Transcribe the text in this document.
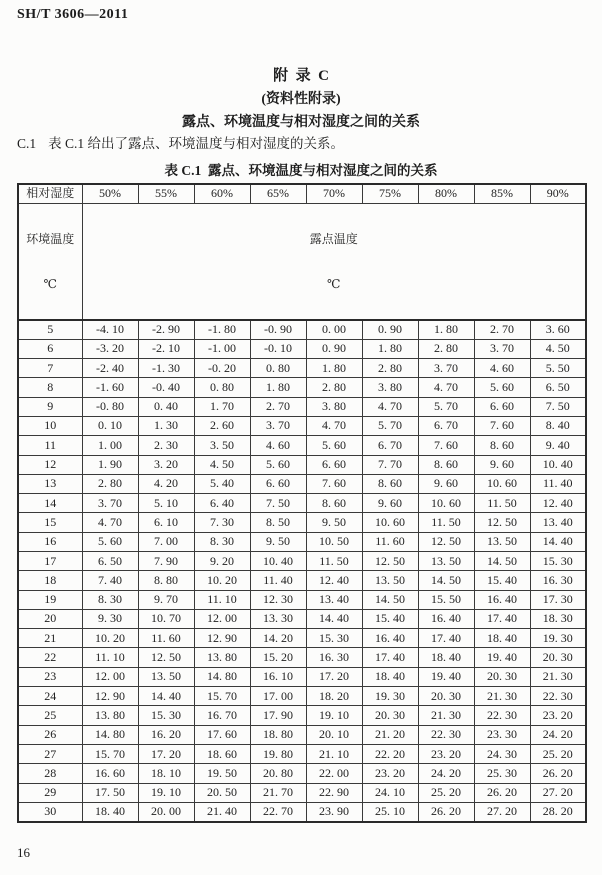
SH/T 3606—2011
附  录  C
(资料性附录)
露点、环境温度与相对湿度之间的关系

C.1 表 C.1 给出了露点、环境温度与相对湿度的关系。

表 C.1  露点、环境温度与相对湿度之间的关系
相对湿度	50%	55%	60%	65%	70%	75%	80%	85%	90%

环境温度

℃

露点温度

℃

5	-4. 10	-2. 90	-1. 80	-0. 90	0. 00	0. 90	1. 80	2. 70	3. 60
6	-3. 20	-2. 10	-1. 00	-0. 10	0. 90	1. 80	2. 80	3. 70	4. 50
7	-2. 40	-1. 30	-0. 20	0. 80	1. 80	2. 80	3. 70	4. 60	5. 50
8	-1. 60	-0. 40	0. 80	1. 80	2. 80	3. 80	4. 70	5. 60	6. 50
9	-0. 80	0. 40	1. 70	2. 70	3. 80	4. 70	5. 70	6. 60	7. 50
10	0. 10	1. 30	2. 60	3. 70	4. 70	5. 70	6. 70	7. 60	8. 40
11	1. 00	2. 30	3. 50	4. 60	5. 60	6. 70	7. 60	8. 60	9. 40
12	1. 90	3. 20	4. 50	5. 60	6. 60	7. 70	8. 60	9. 60	10. 40
13	2. 80	4. 20	5. 40	6. 60	7. 60	8. 60	9. 60	10. 60	11. 40
14	3. 70	5. 10	6. 40	7. 50	8. 60	9. 60	10. 60	11. 50	12. 40
15	4. 70	6. 10	7. 30	8. 50	9. 50	10. 60	11. 50	12. 50	13. 40
16	5. 60	7. 00	8. 30	9. 50	10. 50	11. 60	12. 50	13. 50	14. 40
17	6. 50	7. 90	9. 20	10. 40	11. 50	12. 50	13. 50	14. 50	15. 30
18	7. 40	8. 80	10. 20	11. 40	12. 40	13. 50	14. 50	15. 40	16. 30
19	8. 30	9. 70	11. 10	12. 30	13. 40	14. 50	15. 50	16. 40	17. 30
20	9. 30	10. 70	12. 00	13. 30	14. 40	15. 40	16. 40	17. 40	18. 30
21	10. 20	11. 60	12. 90	14. 20	15. 30	16. 40	17. 40	18. 40	19. 30
22	11. 10	12. 50	13. 80	15. 20	16. 30	17. 40	18. 40	19. 40	20. 30
23	12. 00	13. 50	14. 80	16. 10	17. 20	18. 40	19. 40	20. 30	21. 30
24	12. 90	14. 40	15. 70	17. 00	18. 20	19. 30	20. 30	21. 30	22. 30
25	13. 80	15. 30	16. 70	17. 90	19. 10	20. 30	21. 30	22. 30	23. 20
26	14. 80	16. 20	17. 60	18. 80	20. 10	21. 20	22. 30	23. 30	24. 20
27	15. 70	17. 20	18. 60	19. 80	21. 10	22. 20	23. 20	24. 30	25. 20
28	16. 60	18. 10	19. 50	20. 80	22. 00	23. 20	24. 20	25. 30	26. 20
29	17. 50	19. 10	20. 50	21. 70	22. 90	24. 10	25. 20	26. 20	27. 20
30	18. 40	20. 00	21. 40	22. 70	23. 90	25. 10	26. 20	27. 20	28. 20
16
